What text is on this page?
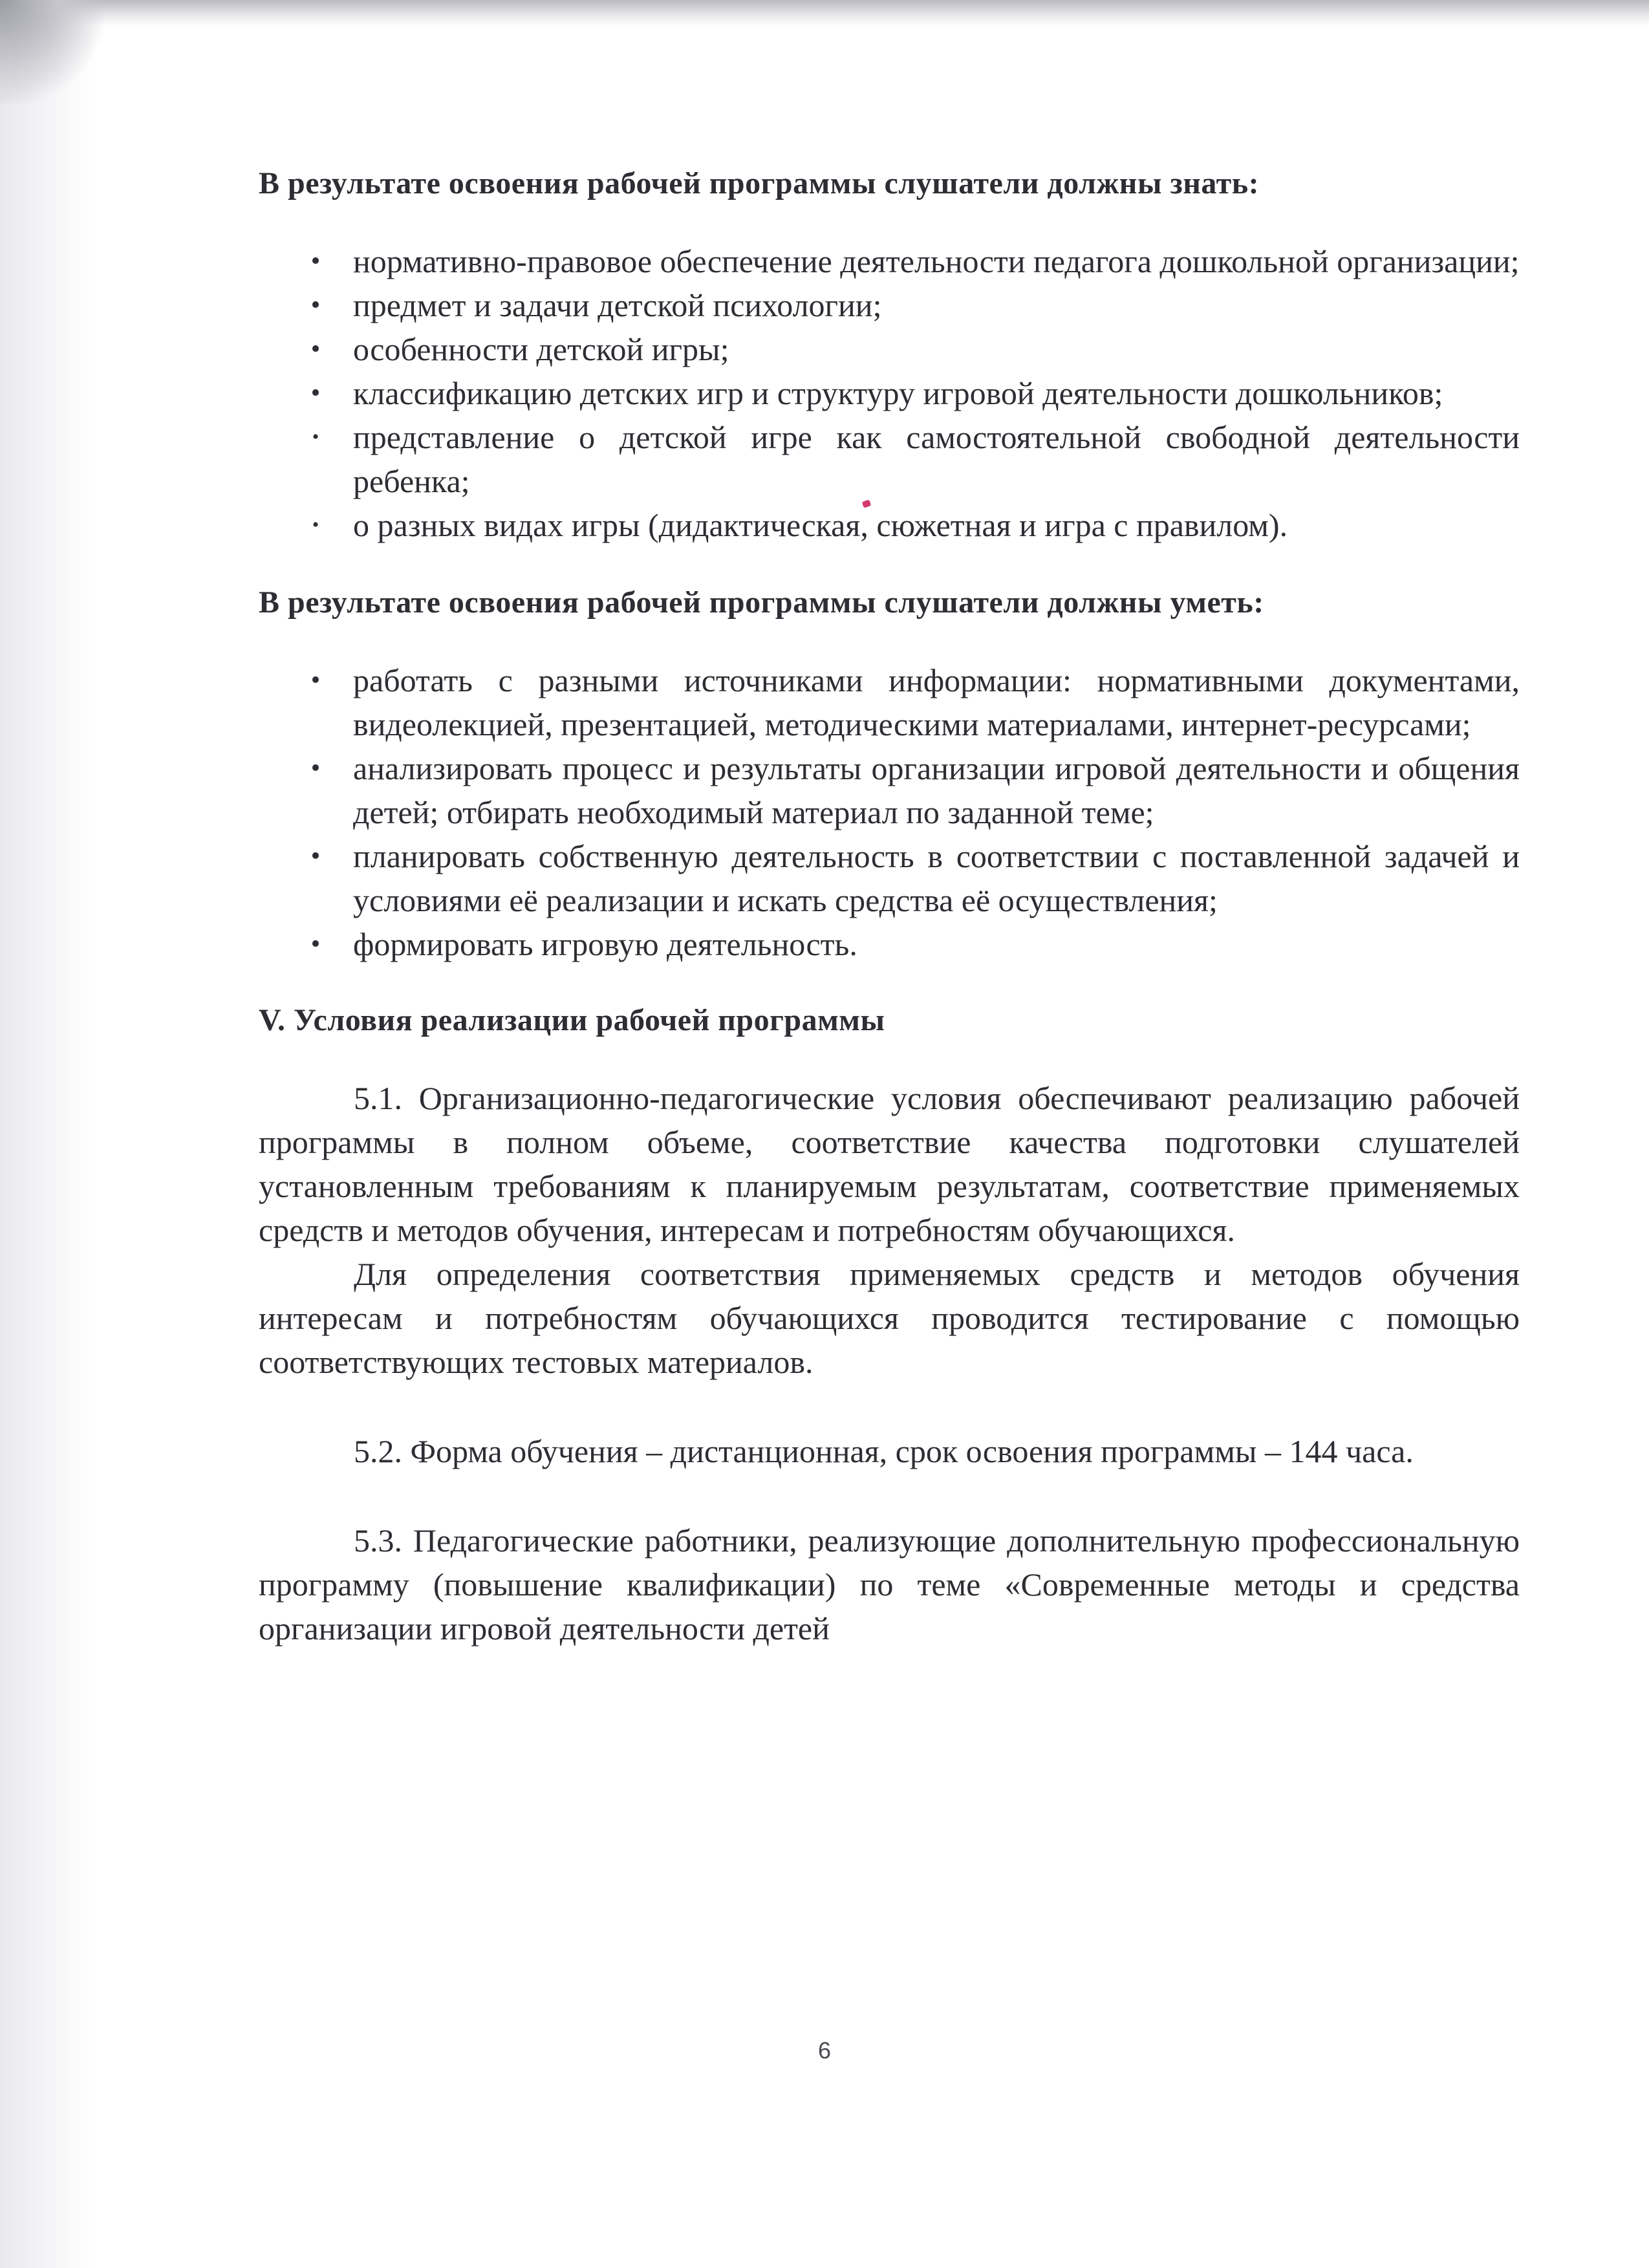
В результате освоения рабочей программы слушатели должны знать:
• нормативно-правовое обеспечение деятельности педагога дошкольной организации;
• предмет и задачи детской психологии;
• особенности детской игры;
• классификацию детских игр и структуру игровой деятельности дошкольников;
• представление о детской игре как самостоятельной свободной деятельности ребенка;
• о разных видах игры (дидактическая, сюжетная и игра с правилом).
В результате освоения рабочей программы слушатели должны уметь:
• работать с разными источниками информации: нормативными документами, видеолекцией, презентацией, методическими материалами, интернет-ресурсами;
• анализировать процесс и результаты организации игровой деятельности и общения детей; отбирать необходимый материал по заданной теме;
• планировать собственную деятельность в соответствии с поставленной задачей и условиями её реализации и искать средства её осуществления;
• формировать игровую деятельность.
V. Условия реализации рабочей программы

5.1. Организационно-педагогические условия обеспечивают реализацию рабочей программы в полном объеме, соответствие качества подготовки слушателей установленным требованиям к планируемым результатам, соответствие применяемых средств и методов обучения, интересам и потребностям обучающихся.

Для определения соответствия применяемых средств и методов обучения интересам и потребностям обучающихся проводится тестирование с помощью соответствующих тестовых материалов.

5.2. Форма обучения – дистанционная, срок освоения программы – 144 часа.

5.3. Педагогические работники, реализующие дополнительную профессиональную программу (повышение квалификации) по теме «Современные методы и средства организации игровой деятельности детей

6
